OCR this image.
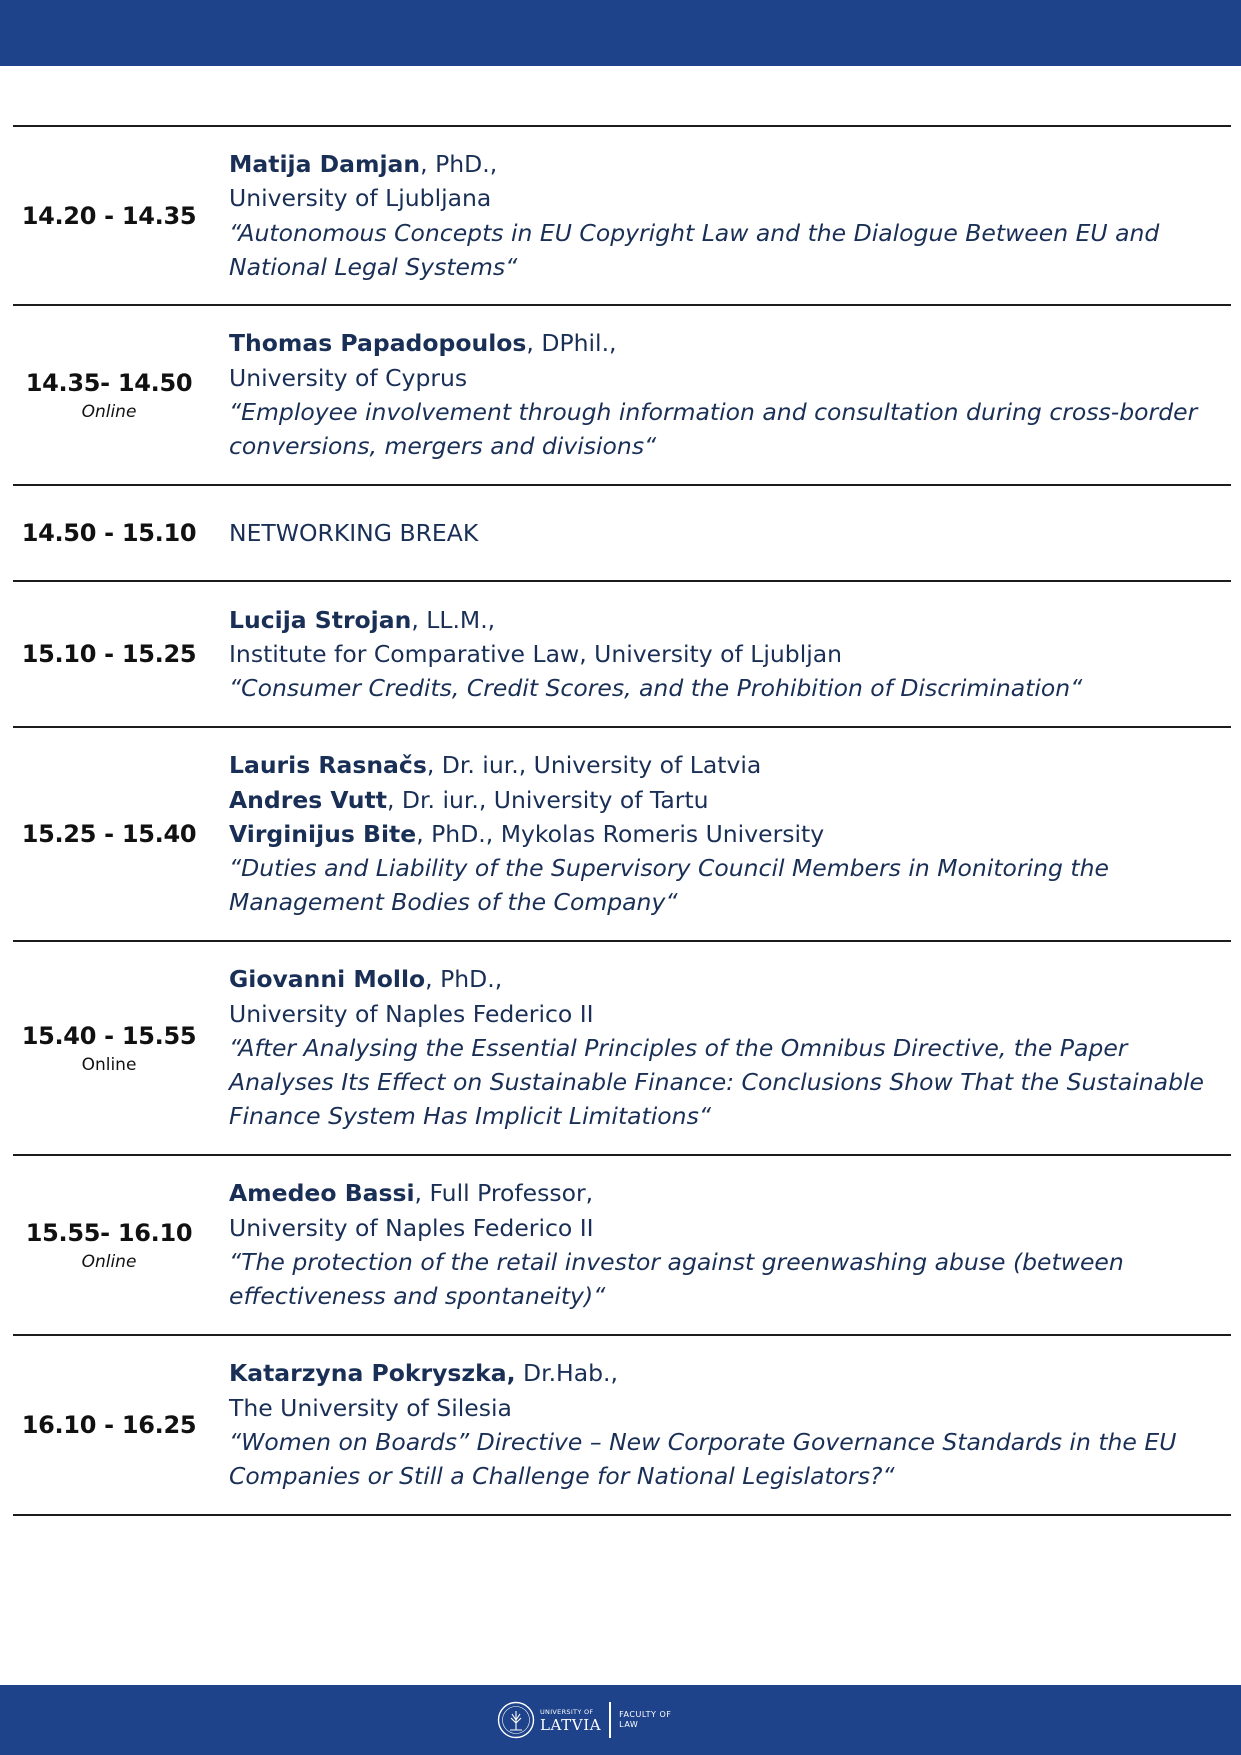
14.20 - 14.35
Matija Damjan, PhD.,
University of Ljubljana
“Autonomous Concepts in EU Copyright Law and the Dialogue Between EU and National Legal Systems“
14.35- 14.50
Online
Thomas Papadopoulos, DPhil.,
University of Cyprus
“Employee involvement through information and consultation during cross-border conversions, mergers and divisions“
14.50 - 15.10 NETWORKING BREAK
15.10 - 15.25
Lucija Strojan, LL.M.,
Institute for Comparative Law, University of Ljubljan
“Consumer Credits, Credit Scores, and the Prohibition of Discrimination“
15.25 - 15.40
Lauris Rasnačs, Dr. iur., University of Latvia
Andres Vutt, Dr. iur., University of Tartu
Virginijus Bite, PhD., Mykolas Romeris University
“Duties and Liability of the Supervisory Council Members in Monitoring the Management Bodies of the Company“
15.40 - 15.55
Online
Giovanni Mollo, PhD.,
University of Naples Federico II
“After Analysing the Essential Principles of the Omnibus Directive, the Paper Analyses Its Effect on Sustainable Finance: Conclusions Show That the Sustainable Finance System Has Implicit Limitations“
15.55- 16.10
Online
Amedeo Bassi, Full Professor,
University of Naples Federico II
“The protection of the retail investor against greenwashing abuse (between effectiveness and spontaneity)“
16.10 - 16.25
Katarzyna Pokryszka, Dr.Hab.,
The University of Silesia
“Women on Boards” Directive – New Corporate Governance Standards in the EU Companies or Still a Challenge for National Legislators?“
UNIVERSITY OF
LATVIA
FACULTY OF
LAW
